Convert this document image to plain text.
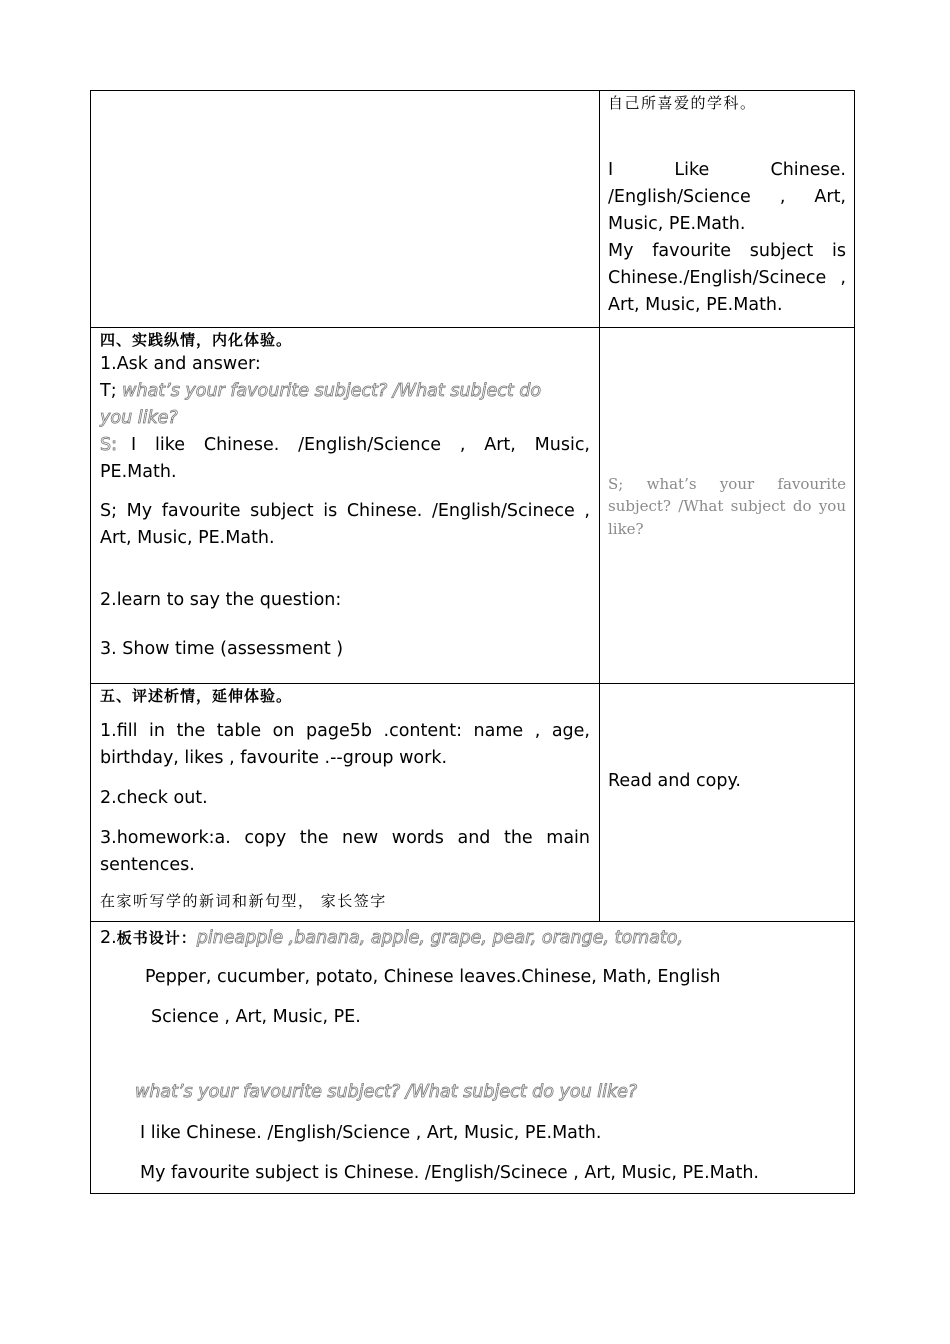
自己所喜爱的学科。
I	Like	Chinese.
/English/Science , Art,
Music, PE.Math.
My favourite subject is
Chinese./English/Scinece ,
Art, Music, PE.Math.
四、实践纵情，内化体验。
1.Ask and answer:
T; what’s your favourite subject? /What subject do
you like?
S: I like Chinese. /English/Science , Art, Music,
PE.Math.
S; My favourite subject is Chinese. /English/Scinece ,
Art, Music, PE.Math.
2.learn to say the question:
3. Show time (assessment )
S; what’s your favourite
subject? /What subject do you
like?
五、评述析情，延伸体验。
1.fill in the table on page5b .content: name , age,
birthday, likes , favourite .--group work.
2.check out.
3.homework:a. copy the new words and the main
sentences.
在家听写学的新词和新句型， 家长签字
Read and copy.
2.板书设计：pineapple ,banana, apple, grape, pear, orange, tomato,
Pepper, cucumber, potato, Chinese leaves.Chinese, Math, English
Science , Art, Music, PE.
what’s your favourite subject? /What subject do you like?
I like Chinese. /English/Science , Art, Music, PE.Math.
My favourite subject is Chinese. /English/Scinece , Art, Music, PE.Math.
